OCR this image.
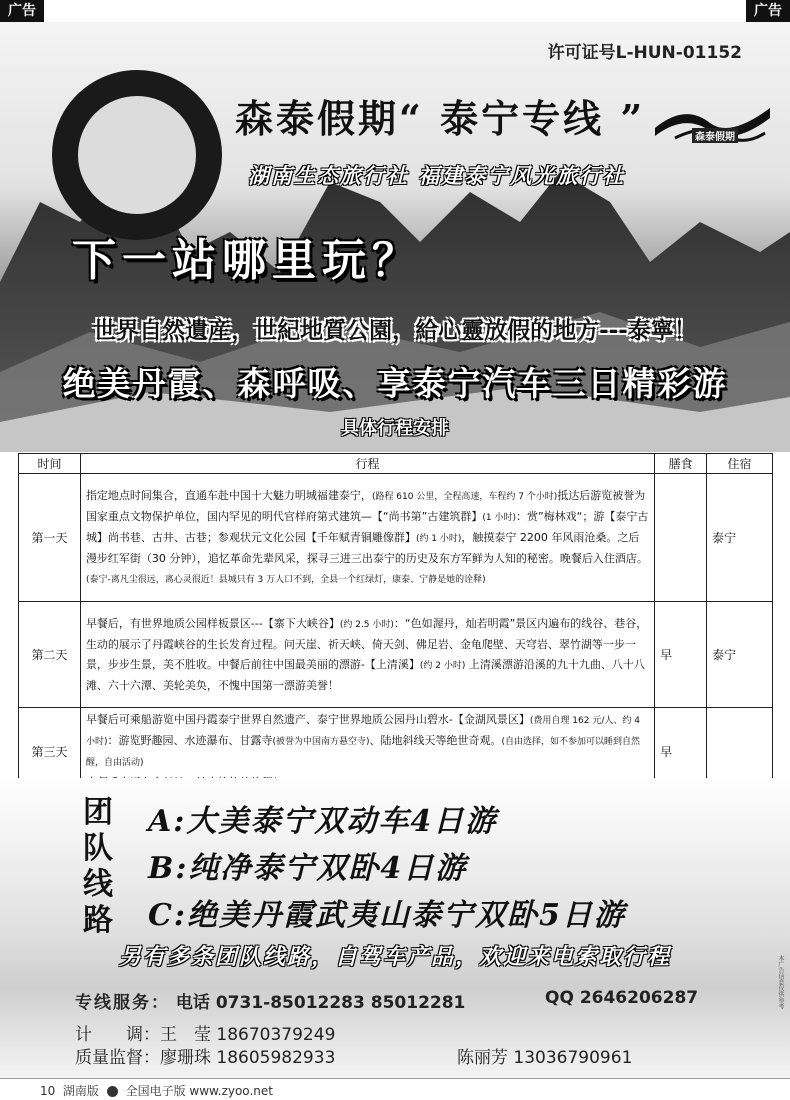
广告	广告
许可证号L-HUN-01152
森泰假期“ 泰宁专线 ”	森泰假期
湖南生态旅行社 福建泰宁风光旅行社
下一站哪里玩？
世界自然遺産，世紀地質公園，給心靈放假的地方---泰寧！
绝美丹霞、森呼吸、享泰宁汽车三日精彩游
具体行程安排
时间	行程	膳食	住宿
第一天	指定地点时间集合，直通车赴中国十大魅力明城福建泰宁，(路程 610 公里，全程高速，车程约 7 个小时)抵达后游览被誉为国家重点文物保护单位，国内罕见的明代官样府第式建筑—【“尚书第”古建筑群】(1 小时)：赏”梅林戏“；游【泰宁古城】尚书巷、古井、古巷；参观状元文化公园【千年赋青铜雕像群】(约 1 小时)，触摸泰宁 2200 年风雨沧桑。之后漫步红军街（30 分钟），追忆革命先辈风采，探寻三进三出泰宁的历史及东方军鲜为人知的秘密。晚餐后入住酒店。(泰宁-离凡尘很远，离心灵很近！县城只有 3 万人口不到，全县一个红绿灯，康泰、宁静是她的诠释)		泰宁
第二天	早餐后，有世界地质公园样板景区---【寨下大峡谷】(约 2.5 小时)：“色如渥丹，灿若明霞”景区内遍布的线谷、巷谷，生动的展示了丹霞峡谷的生长发育过程。问天崖、祈天峡、倚天剑、佛足岩、金龟爬壁、天穹岩、翠竹湖等一步一景，步步生景，美不胜收。中餐后前往中国最美丽的漂游-【上清溪】(约 2 小时) 上清溪漂游沿溪的九十九曲、八十八滩、六十六潭、美轮美奂，不愧中国第一漂游美誉！	早	泰宁
第三天	早餐后可乘船游览中国丹霞泰宁世界自然遗产、泰宁世界地质公园丹山碧水-【金湖风景区】(费用自理 162 元/人、约 4 小时)：游览野趣园、水迹瀑布、甘露寺(被誉为中国南方悬空寺)、陆地斜线天等绝世奇观。(自由选择，如不参加可以睡到自然醒，自由活动)	早	
团
队
线
路
A:大美泰宁双动车4日游
B:纯净泰宁双卧4日游
C:绝美丹霞武夷山泰宁双卧5日游
另有多条团队线路，自驾车产品，欢迎来电索取行程
专线服务： 电话 0731-85012283 85012281	QQ 2646206287
计　　调：王　莹 18670379249
质量监督：廖珊珠 18605982933	陈丽芳 13036790961
本广告信息仅供参考
10 湖南版 全国电子版 www.zyoo.net
